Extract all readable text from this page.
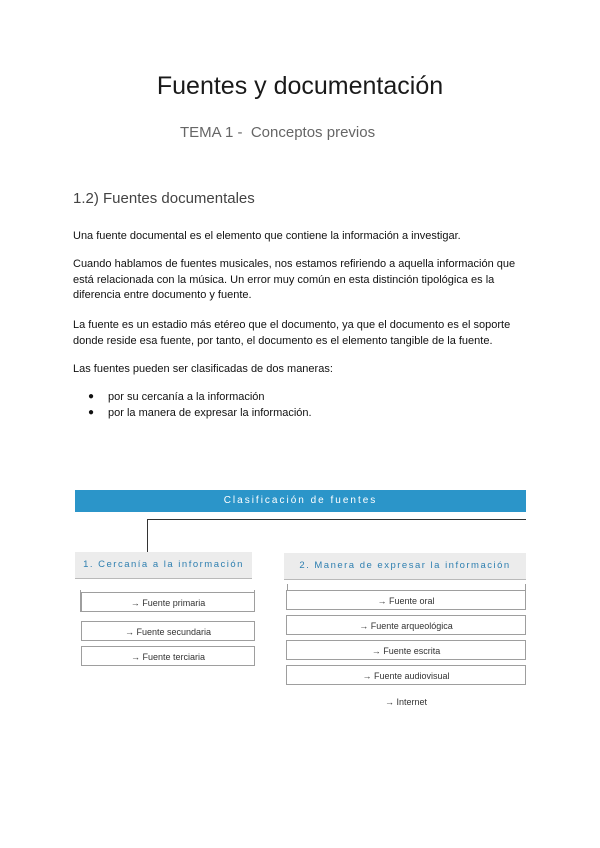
Fuentes y documentación
TEMA 1 -  Conceptos previos
1.2) Fuentes documentales

Una fuente documental es el elemento que contiene la información a investigar.

Cuando hablamos de fuentes musicales, nos estamos refiriendo a aquella información que está relacionada con la música. Un error muy común en esta distinción tipológica es la diferencia entre documento y fuente.

La fuente es un estadio más etéreo que el documento, ya que el documento es el soporte donde reside esa fuente, por tanto, el documento es el elemento tangible de la fuente.

Las fuentes pueden ser clasificadas de dos maneras:

● por su cercanía a la información
● por la manera de expresar la información.
Clasificación de fuentes
1. Cercanía a la información	2. Manera de expresar la información
→ Fuente primaria
→ Fuente secundaria
→ Fuente terciaria
→ Fuente oral
→ Fuente arqueológica
→ Fuente escrita
→ Fuente audiovisual
→ Internet
